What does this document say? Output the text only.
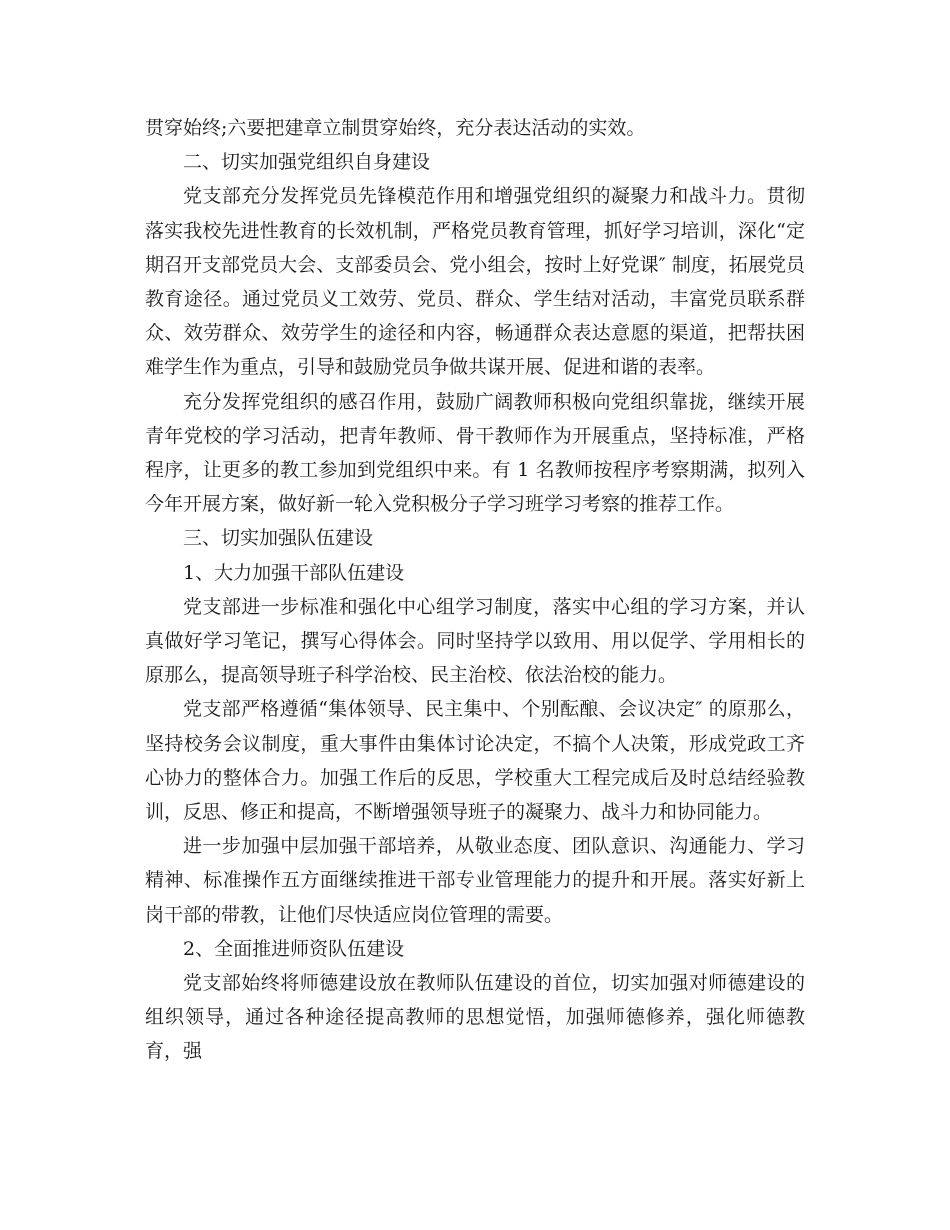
贯穿始终;六要把建章立制贯穿始终，充分表达活动的实效。

二、切实加强党组织自身建设

党支部充分发挥党员先锋模范作用和增强党组织的凝聚力和战斗力。贯彻落实我校先进性教育的长效机制，严格党员教育管理，抓好学习培训，深化“定期召开支部党员大会、支部委员会、党小组会，按时上好党课″ 制度，拓展党员教育途径。通过党员义工效劳、党员、群众、学生结对活动，丰富党员联系群众、效劳群众、效劳学生的途径和内容，畅通群众表达意愿的渠道，把帮扶困难学生作为重点，引导和鼓励党员争做共谋开展、促进和谐的表率。

充分发挥党组织的感召作用，鼓励广阔教师积极向党组织靠拢，继续开展青年党校的学习活动，把青年教师、骨干教师作为开展重点，坚持标准，严格程序，让更多的教工参加到党组织中来。有 1 名教师按程序考察期满，拟列入今年开展方案，做好新一轮入党积极分子学习班学习考察的推荐工作。

三、切实加强队伍建设

1、大力加强干部队伍建设

党支部进一步标准和强化中心组学习制度，落实中心组的学习方案，并认真做好学习笔记，撰写心得体会。同时坚持学以致用、用以促学、学用相长的原那么，提高领导班子科学治校、民主治校、依法治校的能力。

党支部严格遵循“集体领导、民主集中、个别酝酿、会议决定″ 的原那么，坚持校务会议制度，重大事件由集体讨论决定，不搞个人决策，形成党政工齐心协力的整体合力。加强工作后的反思，学校重大工程完成后及时总结经验教训，反思、修正和提高，不断增强领导班子的凝聚力、战斗力和协同能力。

进一步加强中层加强干部培养，从敬业态度、团队意识、沟通能力、学习精神、标准操作五方面继续推进干部专业管理能力的提升和开展。落实好新上岗干部的带教，让他们尽快适应岗位管理的需要。

2、全面推进师资队伍建设

党支部始终将师德建设放在教师队伍建设的首位，切实加强对师德建设的组织领导，通过各种途径提高教师的思想觉悟，加强师德修养，强化师德教育，强
